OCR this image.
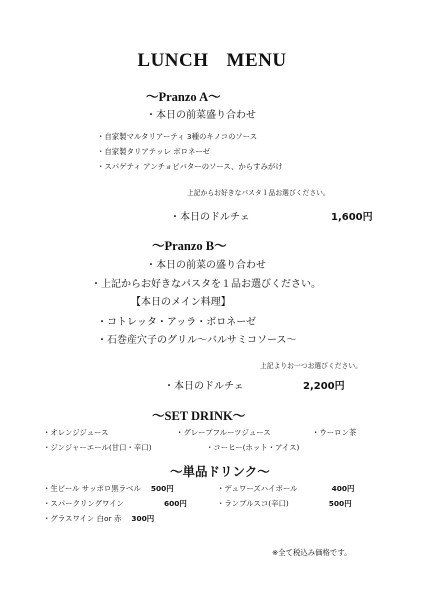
LUNCH MENU
～Pranzo A～
・本日の前菜盛り合わせ
・自家製マルタリアーティ 3種のキノコのソース
・自家製タリアテッレ ボロネーゼ
・スパゲティ アンチョビバターのソース、からすみがけ
上記からお好きなパスタ１品お選びください。
・本日のドルチェ	1,600円
～Pranzo B～
・本日の前菜の盛り合わせ
・上記からお好きなパスタを１品お選びください。
【本日のメイン料理】
・コトレッタ・アッラ・ボロネーゼ
・石巻産穴子のグリル～バルサミコソース～
上記よりお一つお選びください。
・本日のドルチェ	2,200円
～SET DRINK～
・オレンジジュース	・グレープフルーツジュース	・ウーロン茶
・ジンジャーエール(甘口・辛口)	・コーヒー(ホット・アイス)
～単品ドリンク～
・生ビール サッポロ黒ラベル 500円	・デュワーズハイボール	400円
・スパークリングワイン	600円	・ランブルスコ(辛口)	500円
・グラスワイン 白or 赤 300円
※全て税込み価格です。
